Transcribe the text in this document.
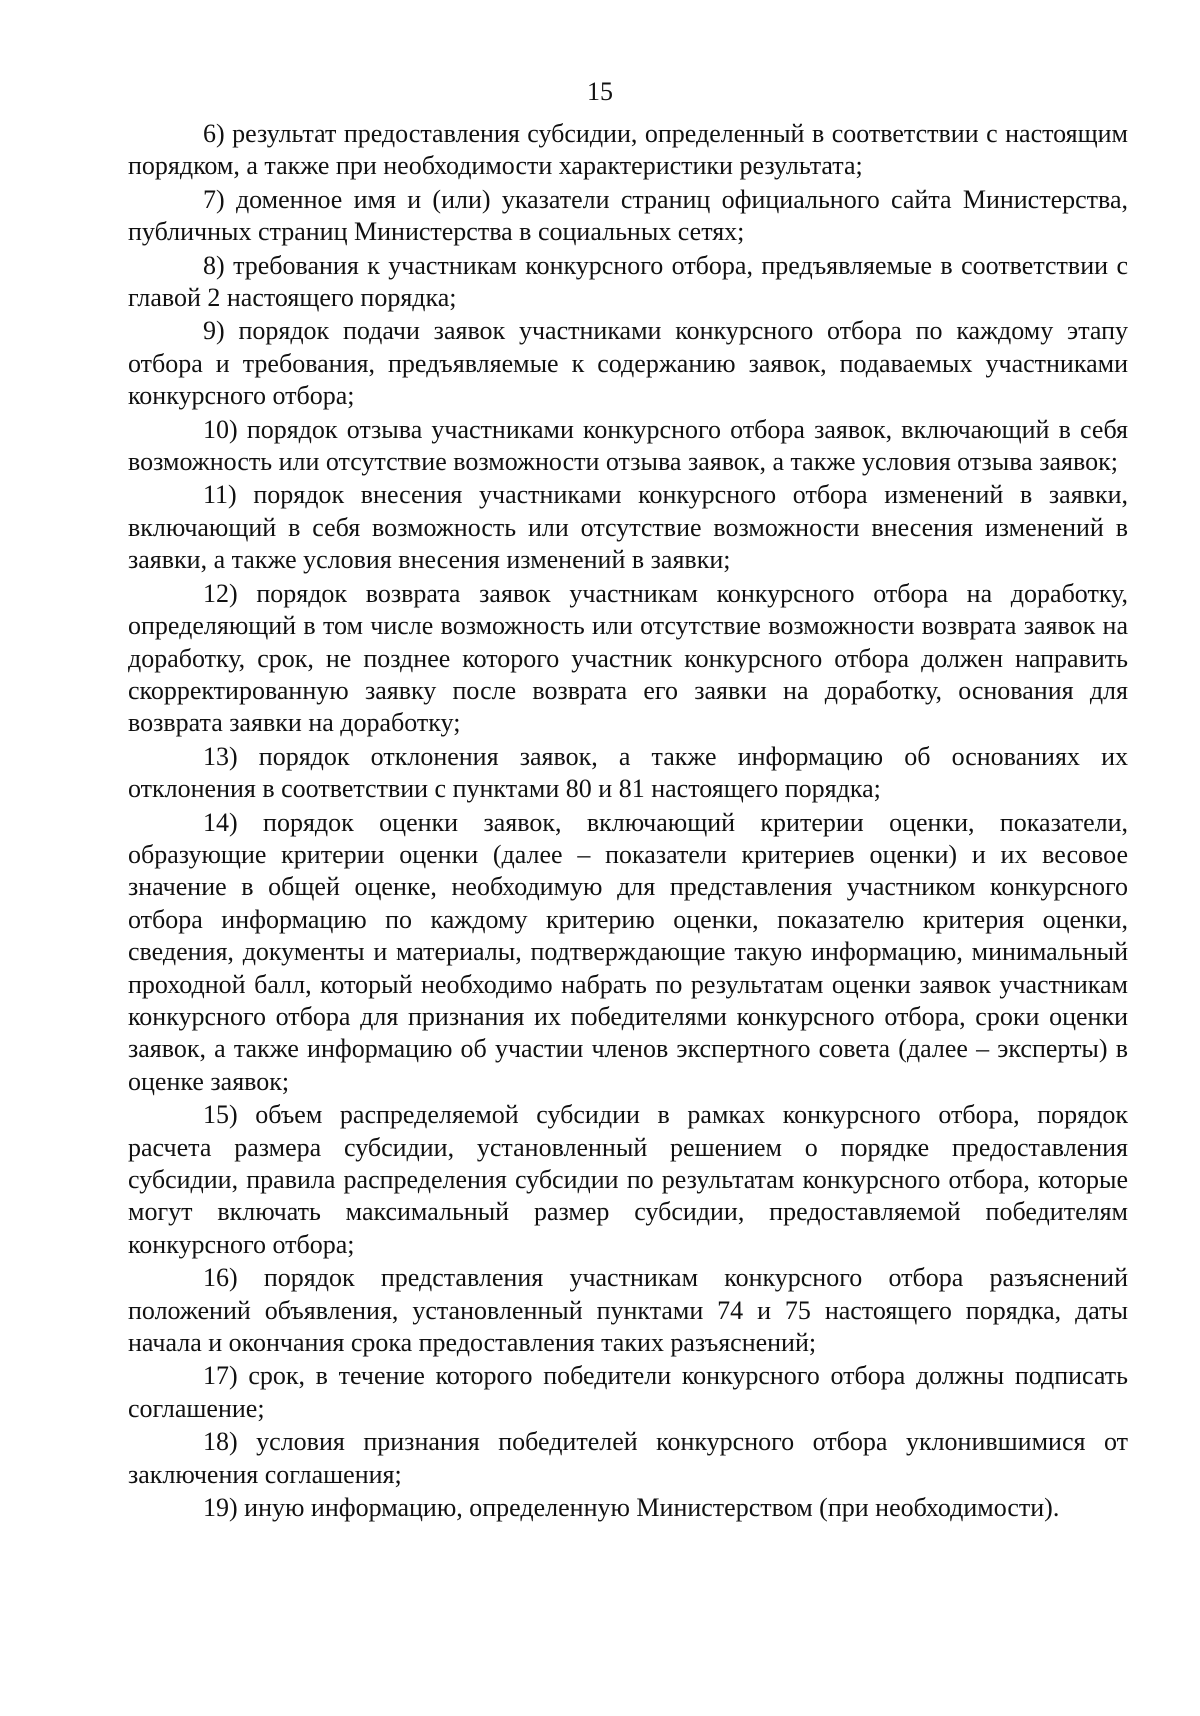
15

6) результат предоставления субсидии, определенный в соответствии с настоящим порядком, а также при необходимости характеристики результата;

7) доменное имя и (или) указатели страниц официального сайта Министерства, публичных страниц Министерства в социальных сетях;

8) требования к участникам конкурсного отбора, предъявляемые в соответствии с главой 2 настоящего порядка;

9) порядок подачи заявок участниками конкурсного отбора по каждому этапу отбора и требования, предъявляемые к содержанию заявок, подаваемых участниками конкурсного отбора;

10) порядок отзыва участниками конкурсного отбора заявок, включающий в себя возможность или отсутствие возможности отзыва заявок, а также условия отзыва заявок;

11) порядок внесения участниками конкурсного отбора изменений в заявки, включающий в себя возможность или отсутствие возможности внесения изменений в заявки, а также условия внесения изменений в заявки;

12) порядок возврата заявок участникам конкурсного отбора на доработку, определяющий в том числе возможность или отсутствие возможности возврата заявок на доработку, срок, не позднее которого участник конкурсного отбора должен направить скорректированную заявку после возврата его заявки на доработку, основания для возврата заявки на доработку;

13) порядок отклонения заявок, а также информацию об основаниях их отклонения в соответствии с пунктами 80 и 81 настоящего порядка;

14) порядок оценки заявок, включающий критерии оценки, показатели, образующие критерии оценки (далее – показатели критериев оценки) и их весовое значение в общей оценке, необходимую для представления участником конкурсного отбора информацию по каждому критерию оценки, показателю критерия оценки, сведения, документы и материалы, подтверждающие такую информацию, минимальный проходной балл, который необходимо набрать по результатам оценки заявок участникам конкурсного отбора для признания их победителями конкурсного отбора, сроки оценки заявок, а также информацию об участии членов экспертного совета (далее – эксперты) в оценке заявок;

15) объем распределяемой субсидии в рамках конкурсного отбора, порядок расчета размера субсидии, установленный решением о порядке предоставления субсидии, правила распределения субсидии по результатам конкурсного отбора, которые могут включать максимальный размер субсидии, предоставляемой победителям конкурсного отбора;

16) порядок представления участникам конкурсного отбора разъяснений положений объявления, установленный пунктами 74 и 75 настоящего порядка, даты начала и окончания срока предоставления таких разъяснений;

17) срок, в течение которого победители конкурсного отбора должны подписать соглашение;

18) условия признания победителей конкурсного отбора уклонившимися от заключения соглашения;

19) иную информацию, определенную Министерством (при необходимости).
